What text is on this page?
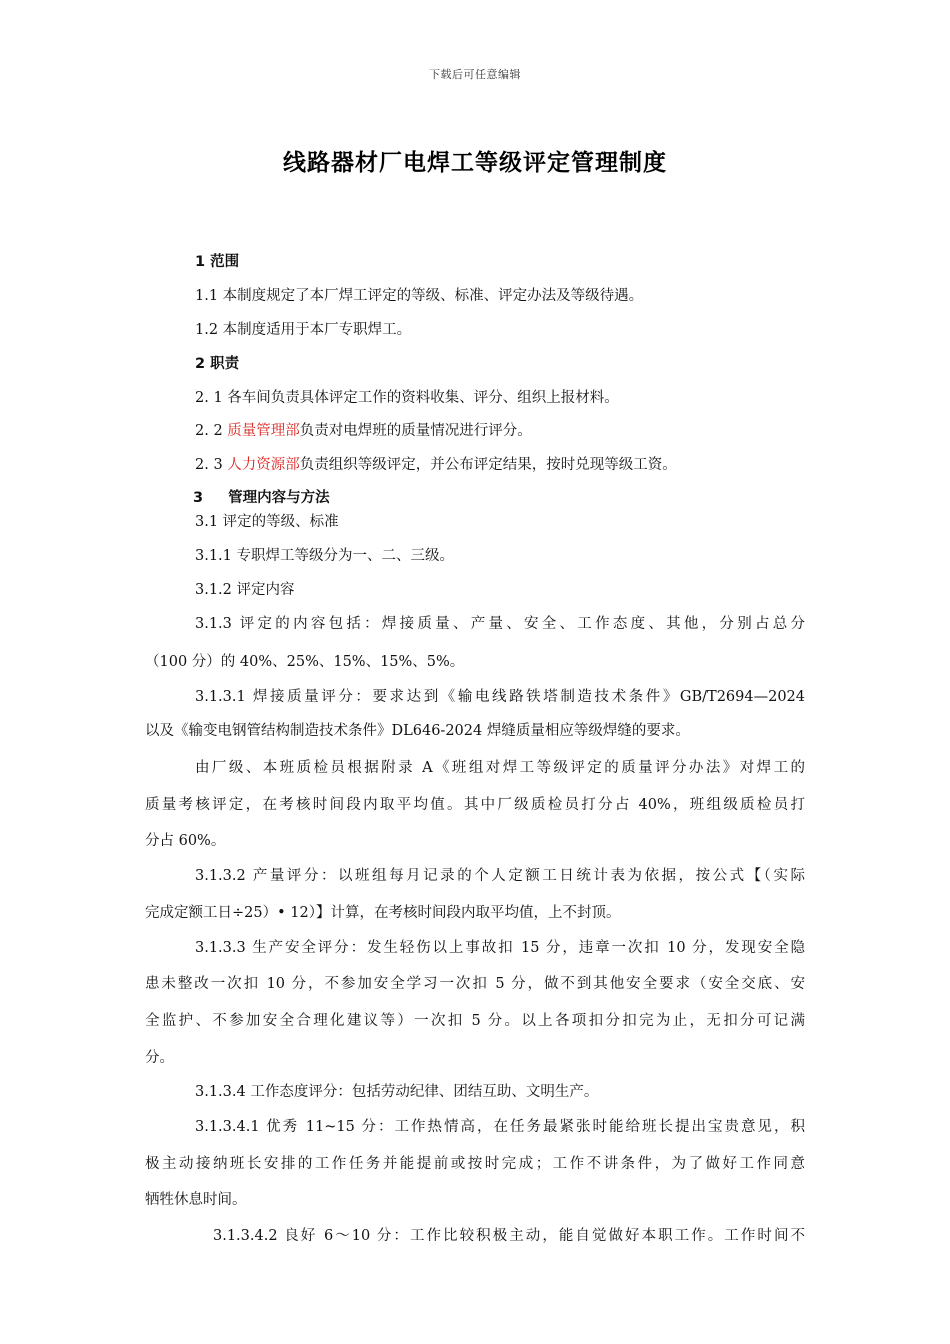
下载后可任意编辑
线路器材厂电焊工等级评定管理制度
1 范围
1.1 本制度规定了本厂焊工评定的等级、标准、评定办法及等级待遇。
1.2 本制度适用于本厂专职焊工。
2 职责
2. 1 各车间负责具体评定工作的资料收集、评分、组织上报材料。
2. 2 质量管理部负责对电焊班的质量情况进行评分。
2. 3 人力资源部负责组织等级评定，并公布评定结果，按时兑现等级工资。
3 管理内容与方法
3.1 评定的等级、标准
3.1.1 专职焊工等级分为一、二、三级。
3.1.2 评定内容
3.1.3 评定的内容包括：焊接质量、产量、安全、工作态度、其他，分别占总分
（100 分）的 40%、25%、15%、15%、5%。
3.1.3.1 焊接质量评分：要求达到《输电线路铁塔制造技术条件》GB/T2694—2024
以及《输变电钢管结构制造技术条件》DL646-2024 焊缝质量相应等级焊缝的要求。
由厂级、本班质检员根据附录 A《班组对焊工等级评定的质量评分办法》对焊工的
质量考核评定，在考核时间段内取平均值。其中厂级质检员打分占 40%，班组级质检员打
分占 60%。
3.1.3.2 产量评分：以班组每月记录的个人定额工日统计表为依据，按公式【（实际
完成定额工日÷25）• 12）】计算，在考核时间段内取平均值，上不封顶。
3.1.3.3 生产安全评分：发生轻伤以上事故扣 15 分，违章一次扣 10 分，发现安全隐
患未整改一次扣 10 分，不参加安全学习一次扣 5 分，做不到其他安全要求（安全交底、安
全监护、不参加安全合理化建议等）一次扣 5 分。以上各项扣分扣完为止，无扣分可记满
分。
3.1.3.4 工作态度评分：包括劳动纪律、团结互助、文明生产。
3.1.3.4.1 优秀 11~15 分：工作热情高，在任务最紧张时能给班长提出宝贵意见，积
极主动接纳班长安排的工作任务并能提前或按时完成；工作不讲条件，为了做好工作同意
牺牲休息时间。
3.1.3.4.2 良好 6～10 分：工作比较积极主动，能自觉做好本职工作。工作时间不
